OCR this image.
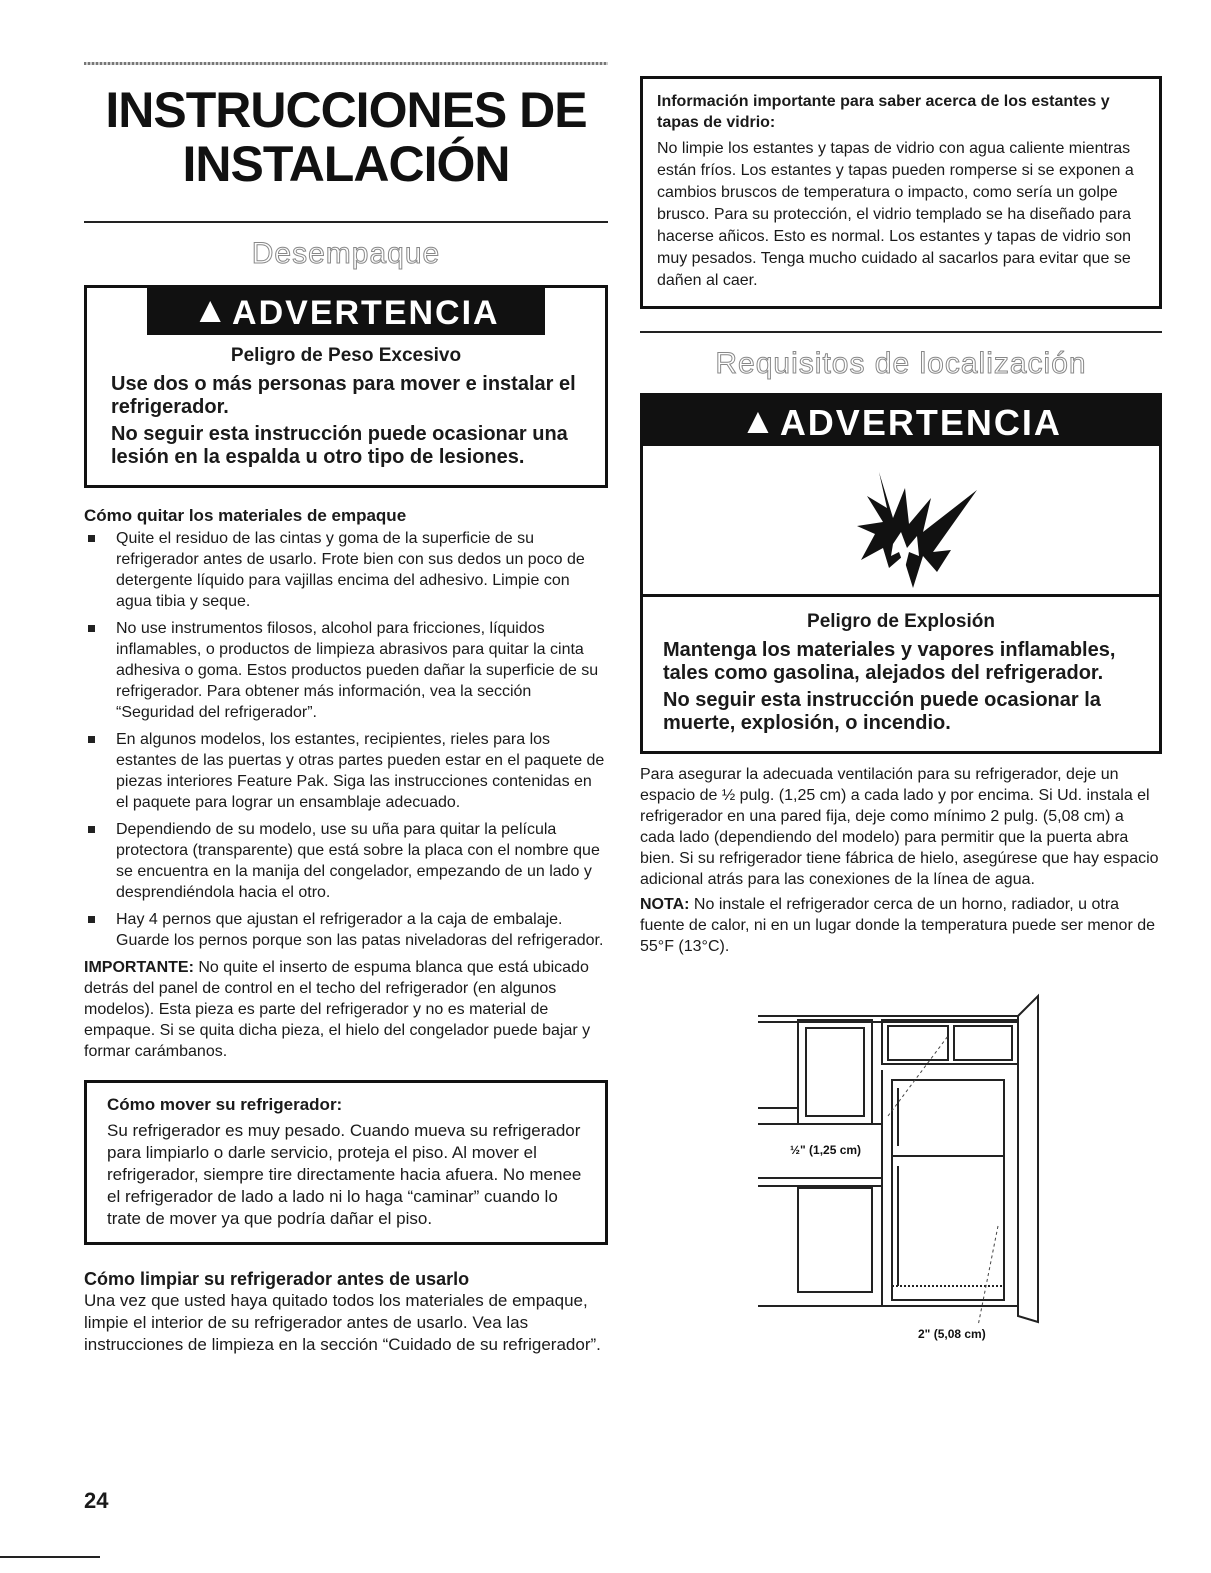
INSTRUCCIONES DE
INSTALACIÓN
Desempaque
▲ADVERTENCIA
Peligro de Peso Excesivo

Use dos o más personas para mover e instalar el refrigerador.

No seguir esta instrucción puede ocasionar una lesión en la espalda u otro tipo de lesiones.

Cómo quitar los materiales de empaque
Quite el residuo de las cintas y goma de la superficie de su refrigerador antes de usarlo. Frote bien con sus dedos un poco de detergente líquido para vajillas encima del adhesivo. Limpie con agua tibia y seque.
No use instrumentos filosos, alcohol para fricciones, líquidos inflamables, o productos de limpieza abrasivos para quitar la cinta adhesiva o goma. Estos productos pueden dañar la superficie de su refrigerador. Para obtener más información, vea la sección “Seguridad del refrigerador”.
En algunos modelos, los estantes, recipientes, rieles para los estantes de las puertas y otras partes pueden estar en el paquete de piezas interiores Feature Pak. Siga las instrucciones contenidas en el paquete para lograr un ensamblaje adecuado.
Dependiendo de su modelo, use su uña para quitar la película protectora (transparente) que está sobre la placa con el nombre que se encuentra en la manija del congelador, empezando de un lado y desprendiéndola hacia el otro.
Hay 4 pernos que ajustan el refrigerador a la caja de embalaje. Guarde los pernos porque son las patas niveladoras del refrigerador.

IMPORTANTE: No quite el inserto de espuma blanca que está ubicado detrás del panel de control en el techo del refrigerador (en algunos modelos). Esta pieza es parte del refrigerador y no es material de empaque. Si se quita dicha pieza, el hielo del congelador puede bajar y formar carámbanos.

Cómo mover su refrigerador:

Su refrigerador es muy pesado. Cuando mueva su refrigerador para limpiarlo o darle servicio, proteja el piso. Al mover el refrigerador, siempre tire directamente hacia afuera. No menee el refrigerador de lado a lado ni lo haga “caminar” cuando lo trate de mover ya que podría dañar el piso.

Cómo limpiar su refrigerador antes de usarlo

Una vez que usted haya quitado todos los materiales de empaque, limpie el interior de su refrigerador antes de usarlo. Vea las instrucciones de limpieza en la sección “Cuidado de su refrigerador”.

Información importante para saber acerca de los estantes y tapas de vidrio:

No limpie los estantes y tapas de vidrio con agua caliente mientras están fríos. Los estantes y tapas pueden romperse si se exponen a cambios bruscos de temperatura o impacto, como sería un golpe brusco. Para su protección, el vidrio templado se ha diseñado para hacerse añicos. Esto es normal. Los estantes y tapas de vidrio son muy pesados. Tenga mucho cuidado al sacarlos para evitar que se dañen al caer.

Requisitos de localización
▲ADVERTENCIA
Peligro de Explosión

Mantenga los materiales y vapores inflamables, tales como gasolina, alejados del refrigerador.

No seguir esta instrucción puede ocasionar la muerte, explosión, o incendio.

Para asegurar la adecuada ventilación para su refrigerador, deje un espacio de ½ pulg. (1,25 cm) a cada lado y por encima. Si Ud. instala el refrigerador en una pared fija, deje como mínimo 2 pulg. (5,08 cm) a cada lado (dependiendo del modelo) para permitir que la puerta abra bien. Si su refrigerador tiene fábrica de hielo, asegúrese que hay espacio adicional atrás para las conexiones de la línea de agua.

NOTA: No instale el refrigerador cerca de un horno, radiador, u otra fuente de calor, ni en un lugar donde la temperatura puede ser menor de 55°F (13°C).

½" (1,25 cm)
2" (5,08 cm)
24
